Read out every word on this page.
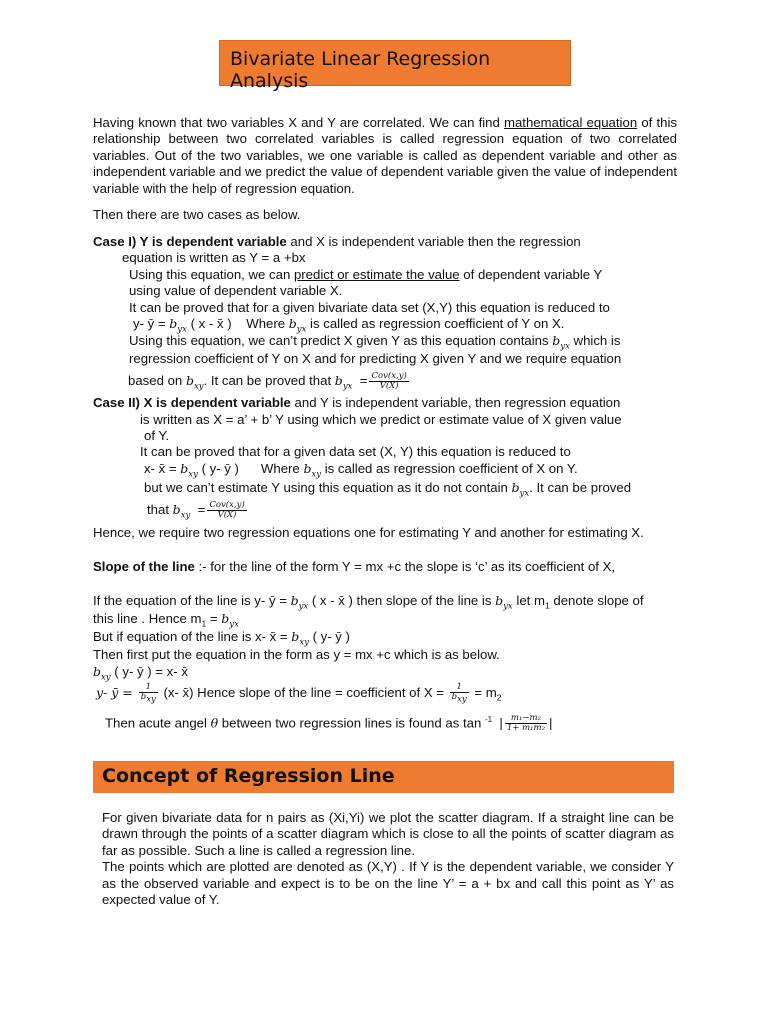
Bivariate Linear Regression Analysis
Having known that two variables X and Y are correlated. We can find mathematical equation of this relationship between two correlated variables is called regression equation of two correlated variables. Out of the two variables, we one variable is called as dependent variable and other as independent variable and we predict the value of dependent variable given the value of independent variable with the help of regression equation.
Then there are two cases as below.
Case I) Y is dependent variable and X is independent variable then the regression
equation is written as Y = a +bx
Using this equation, we can predict or estimate the value of dependent variable Y
using value of dependent variable X.
It can be proved that for a given bivariate data set (X,Y) this equation is reduced to
y- ȳ = $b_{yx}$ ( x - x̄ ) Where $b_{yx}$ is called as regression coefficient of Y on X.
Using this equation, we can’t predict X given Y as this equation contains $b_{yx}$ which is
regression coefficient of Y on X and for predicting X given Y and we require equation
based on $b_{xy}$. It can be proved that $b_{yx} = \frac{\text{Cov(x,y)}}{V(X)}$
Case II) X is dependent variable and Y is independent variable, then regression equation
is written as X = a’ + b’ Y using which we predict or estimate value of X given value
of Y.
It can be proved that for a given data set (X, Y) this equation is reduced to
x- x̄ = $b_{xy}$ ( y- ȳ ) Where $b_{xy}$ is called as regression coefficient of X on Y.
but we can’t estimate Y using this equation as it do not contain $b_{yx}$. It can be proved
that $b_{xy} = \frac{\text{Cov(x,y)}}{V(X)}$
Hence, we require two regression equations one for estimating Y and another for estimating X.
Slope of the line :- for the line of the form Y = mx +c the slope is ‘c’ as its coefficient of X,
If the equation of the line is y- ȳ = $b_{yx}$ ( x - x̄ ) then slope of the line is $b_{yx}$ let $m_1$ denote slope of
this line . Hence $m_1 = b_{yx}$
But if equation of the line is x- x̄ = $b_{xy}$ ( y- ȳ )
Then first put the equation in the form as y = mx +c which is as below.
$b_{xy}$ ( y- ȳ ) = x- x̄
y- ȳ = $\frac{1}{b_{xy}} (x-$ x̄) Hence slope of the line = coefficient of $X = \frac{1}{b_{xy}} = m_2$
Then acute angel θ between two regression lines is found as tan $^{-1}$  | $\frac{\text{m₁−m₂}}{\text{1+ m₁m₂}}$ |
Concept of Regression Line
For given bivariate data for n pairs as (Xi,Yi) we plot the scatter diagram. If a straight line can be drawn through the points of a scatter diagram which is close to all the points of scatter diagram as far as possible. Such a line is called a regression line.
The points which are plotted are denoted as (X,Y) . If Y is the dependent variable, we consider Y as the observed variable and expect is to be on the line Y’ = a + bx and call this point as Y’ as expected value of Y.
